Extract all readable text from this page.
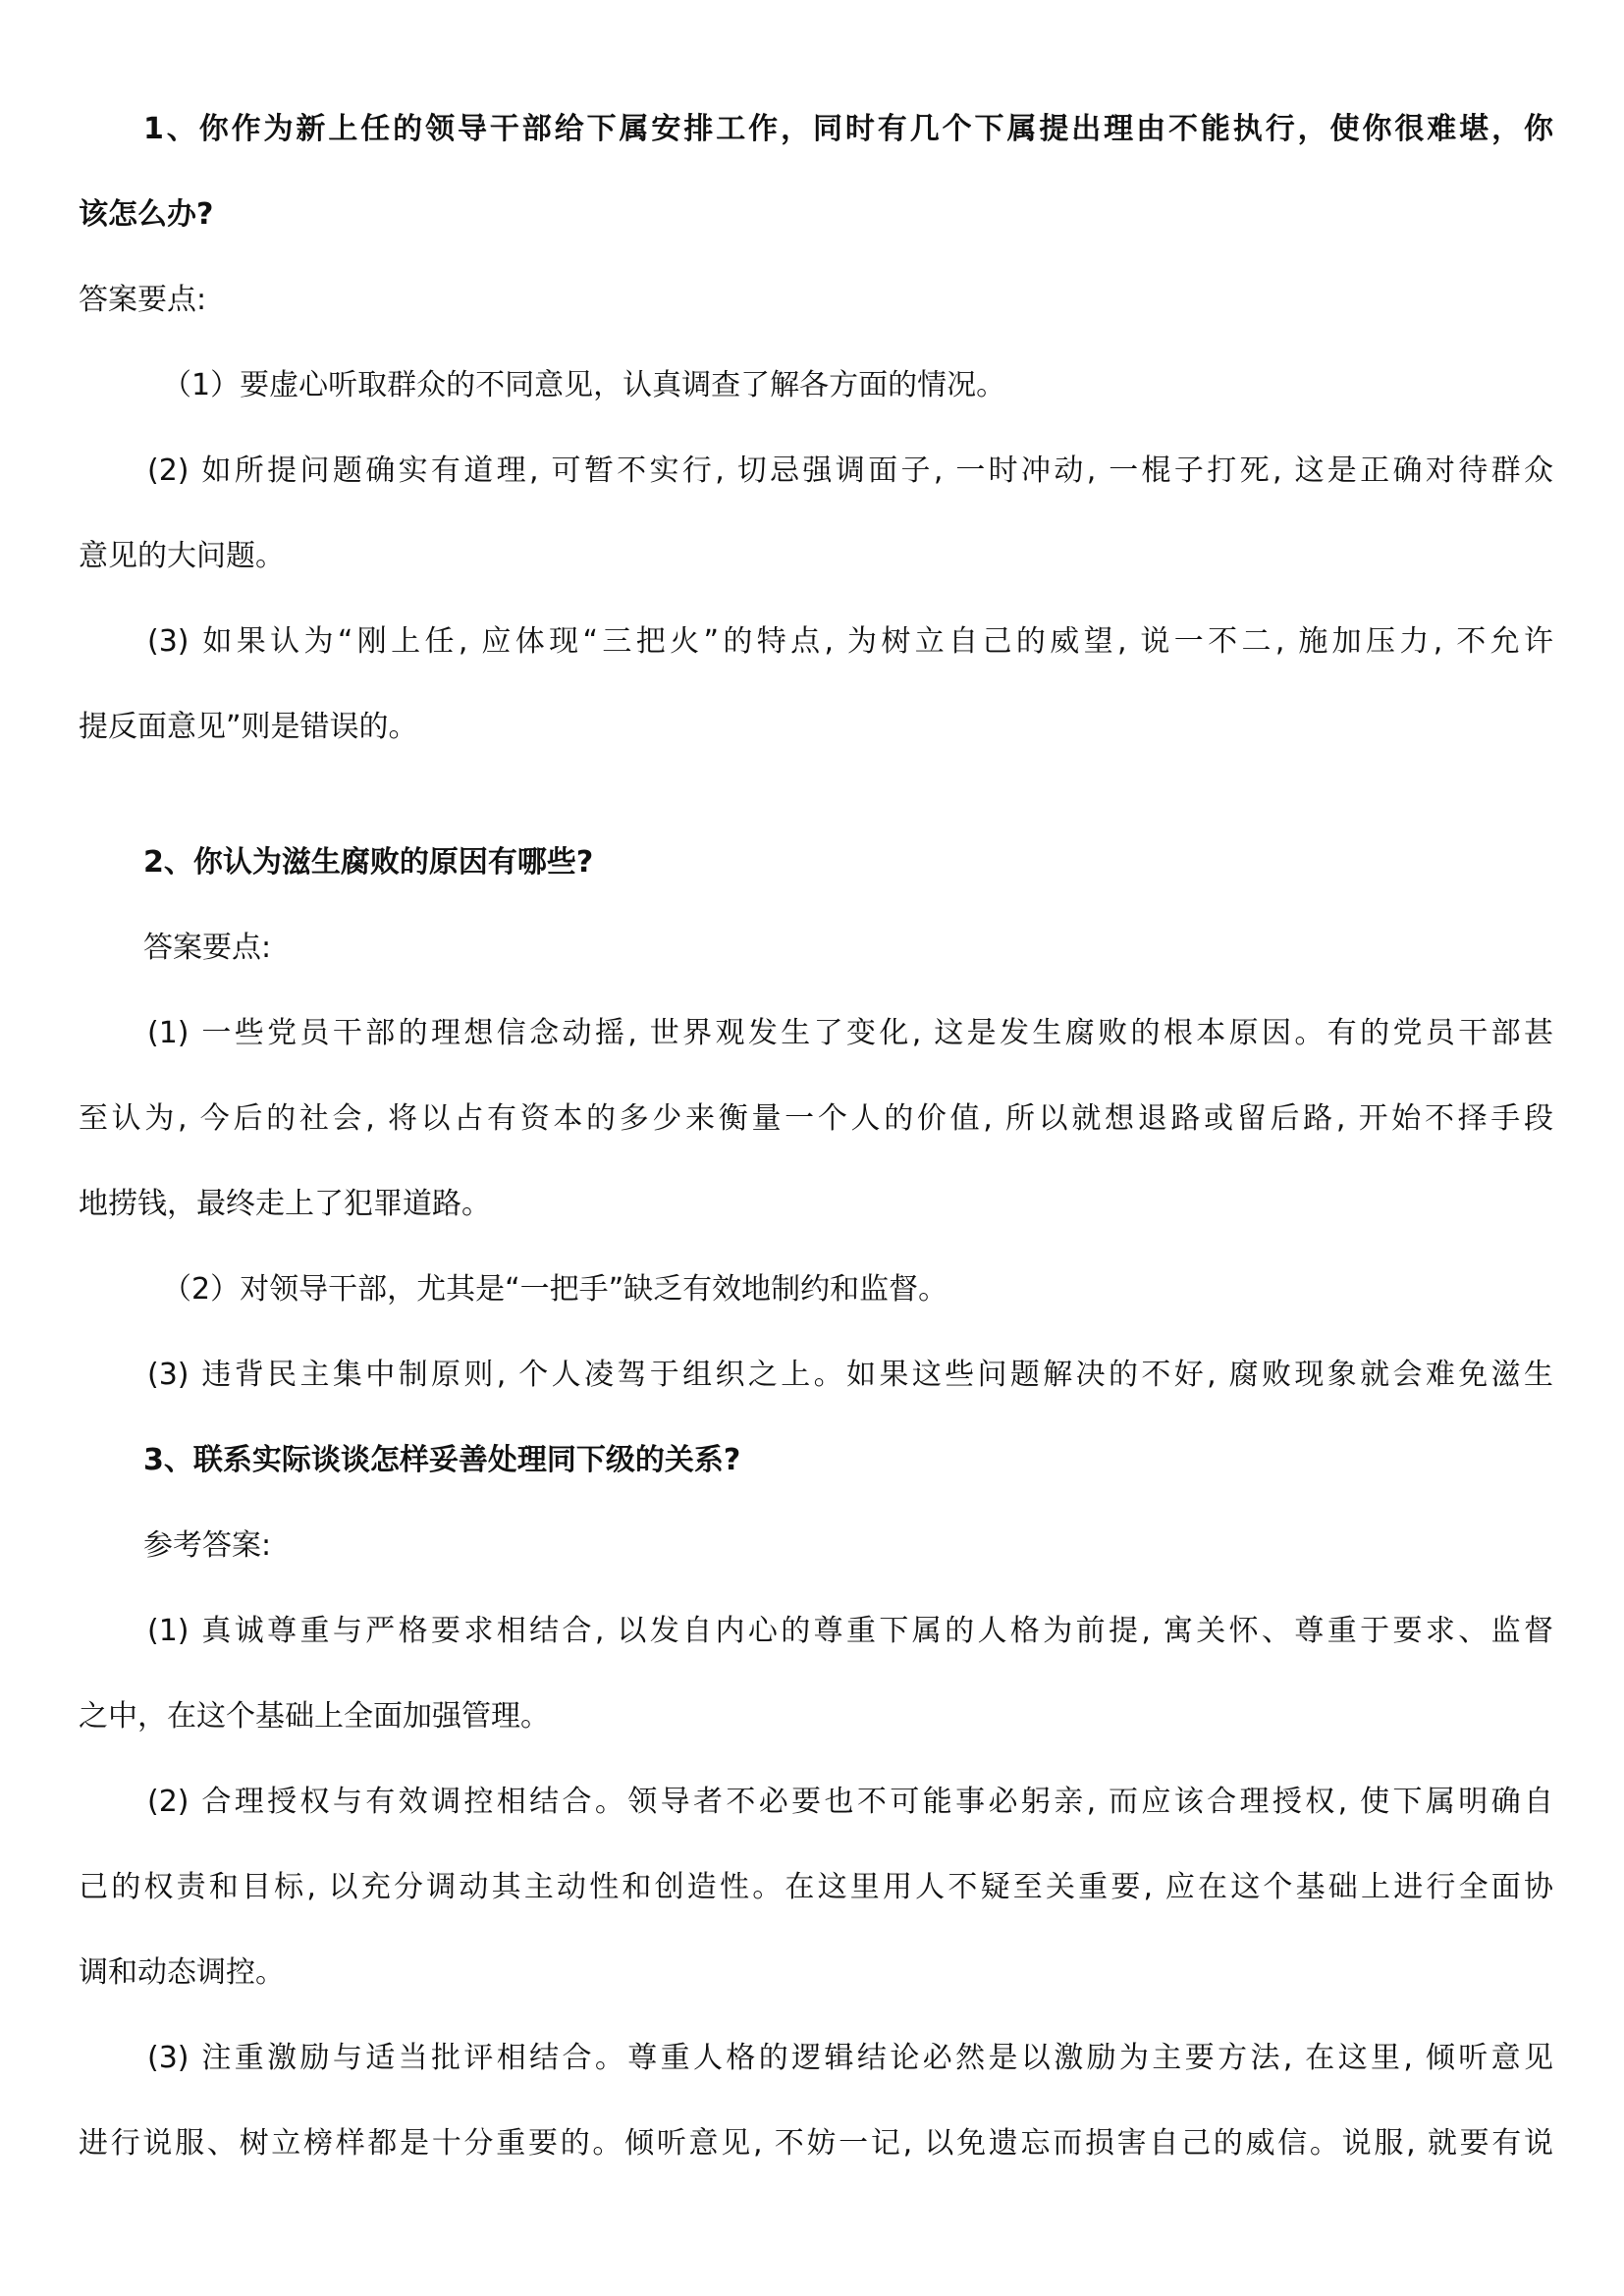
1、你作为新上任的领导干部给下属安排工作，同时有几个下属提出理由不能执行，使你很难堪，你
该怎么办?
答案要点:
（1）要虚心听取群众的不同意见，认真调查了解各方面的情况。
(2) 如所提问题确实有道理, 可暂不实行, 切忌强调面子, 一时冲动, 一棍子打死, 这是正确对待群众
意见的大问题。
(3) 如果认为“刚上任, 应体现“三把火”的特点, 为树立自己的威望, 说一不二, 施加压力, 不允许
提反面意见”则是错误的。
2、你认为滋生腐败的原因有哪些?
答案要点:
(1) 一些党员干部的理想信念动摇, 世界观发生了变化, 这是发生腐败的根本原因。有的党员干部甚
至认为, 今后的社会, 将以占有资本的多少来衡量一个人的价值, 所以就想退路或留后路, 开始不择手段
地捞钱，最终走上了犯罪道路。
（2）对领导干部，尤其是“一把手”缺乏有效地制约和监督。
(3) 违背民主集中制原则, 个人凌驾于组织之上。如果这些问题解决的不好, 腐败现象就会难免滋生
3、联系实际谈谈怎样妥善处理同下级的关系?
参考答案:
(1) 真诚尊重与严格要求相结合, 以发自内心的尊重下属的人格为前提, 寓关怀、尊重于要求、监督
之中，在这个基础上全面加强管理。
(2) 合理授权与有效调控相结合。领导者不必要也不可能事必躬亲, 而应该合理授权, 使下属明确自
己的权责和目标, 以充分调动其主动性和创造性。在这里用人不疑至关重要, 应在这个基础上进行全面协
调和动态调控。
(3) 注重激励与适当批评相结合。尊重人格的逻辑结论必然是以激励为主要方法, 在这里, 倾听意见
进行说服、树立榜样都是十分重要的。倾听意见, 不妨一记, 以免遗忘而损害自己的威信。说服, 就要有说
